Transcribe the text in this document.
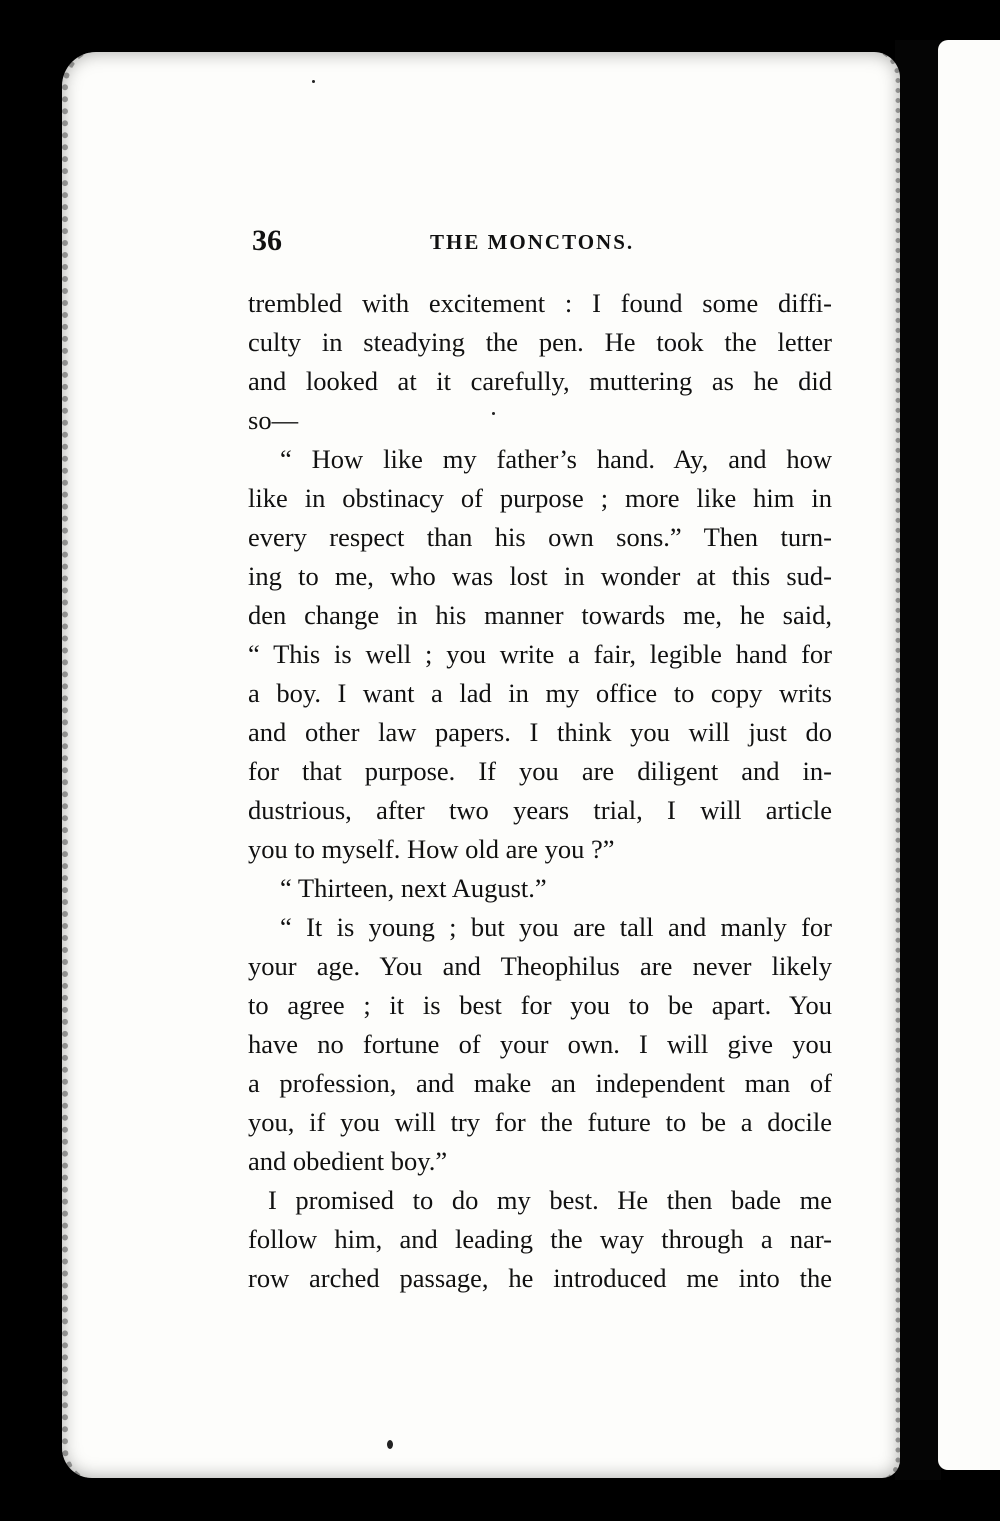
36	THE MONCTONS.
trembled with excitement : I found some diffi-
culty in steadying the pen. He took the letter
and looked at it carefully, muttering as he did
so—
“ How like my father’s hand. Ay, and how
like in obstinacy of purpose ; more like him in
every respect than his own sons.” Then turn-
ing to me, who was lost in wonder at this sud-
den change in his manner towards me, he said,
“ This is well ; you write a fair, legible hand for
a boy. I want a lad in my office to copy writs
and other law papers. I think you will just do
for that purpose. If you are diligent and in-
dustrious, after two years trial, I will article
you to myself. How old are you ?”
“ Thirteen, next August.”
“ It is young ; but you are tall and manly for
your age. You and Theophilus are never likely
to agree ; it is best for you to be apart. You
have no fortune of your own. I will give you
a profession, and make an independent man of
you, if you will try for the future to be a docile
and obedient boy.”
I promised to do my best. He then bade me
follow him, and leading the way through a nar-
row arched passage, he introduced me into the
